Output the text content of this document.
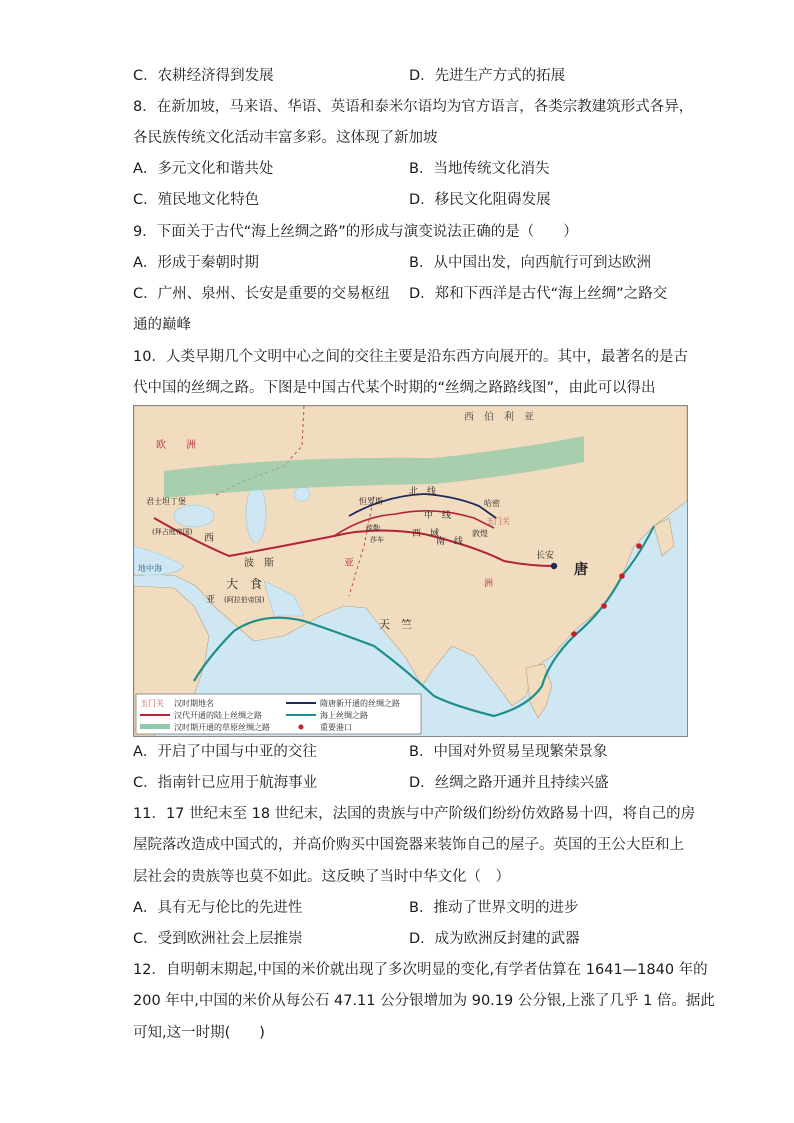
C．农耕经济得到发展	D．先进生产方式的拓展
8．在新加坡，马来语、华语、英语和泰米尔语均为官方语言，各类宗教建筑形式各异，
各民族传统文化活动丰富多彩。这体现了新加坡
A．多元文化和谐共处	B．当地传统文化消失
C．殖民地文化特色	D．移民文化阻碍发展
9．下面关于古代“海上丝绸之路”的形成与演变说法正确的是（　　）
A．形成于秦朝时期	B．从中国出发，向西航行可到达欧洲
C．广州、泉州、长安是重要的交易枢纽 D．郑和下西洋是古代“海上丝绸”之路交
通的巅峰
10．人类早期几个文明中心之间的交往主要是沿东西方向展开的。其中，最著名的是古
代中国的丝绸之路。下图是中国古代某个时期的“丝绸之路路线图”，由此可以得出
西　伯　利　亚
欧　　洲
君士坦丁堡
(拜占庭帝国)
地中海
西
波　斯
大　食
(阿拉伯帝国)
亚
亚
洲
天　竺
唐
长安
敦煌
玉门关
哈密
怛罗斯
北　线
中　线
西　域
南　线
疏勒
莎车
玉门关 汉时期地名
汉代开通的陆上丝绸之路
汉时期开通的草原丝绸之路
隋唐新开通的丝绸之路
海上丝绸之路
重要港口
A．开启了中国与中亚的交往	B．中国对外贸易呈现繁荣景象
C．指南针已应用于航海事业	D．丝绸之路开通并且持续兴盛
11．17 世纪末至 18 世纪末，法国的贵族与中产阶级们纷纷仿效路易十四，将自己的房
屋院落改造成中国式的，并高价购买中国瓷器来装饰自己的屋子。英国的王公大臣和上
层社会的贵族等也莫不如此。这反映了当时中华文化（　）
A．具有无与伦比的先进性	B．推动了世界文明的进步
C．受到欧洲社会上层推崇	D．成为欧洲反封建的武器
12．自明朝末期起,中国的米价就出现了多次明显的变化,有学者估算在 1641—1840 年的
200 年中,中国的米价从每公石 47.11 公分银增加为 90.19 公分银,上涨了几乎 1 倍。据此
可知,这一时期(　　)
